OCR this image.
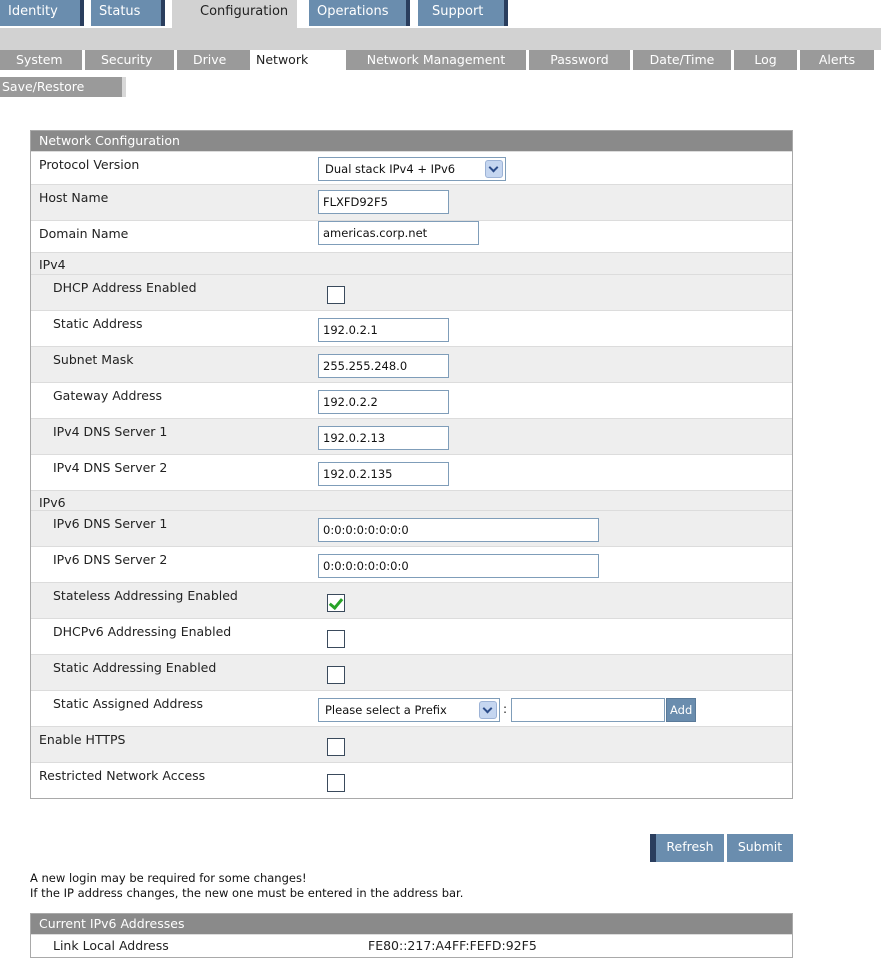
Identity	Status	Configuration	Operations	Support
System	Security	Drive	Network	Network Management	Password	Date/Time	Log	Alerts
Save/Restore
Network Configuration
Protocol Version	Dual stack IPv4 + IPv6
Host Name	FLXFD92F5
Domain Name	americas.corp.net
IPv4
DHCP Address Enabled
Static Address	192.0.2.1
Subnet Mask	255.255.248.0
Gateway Address	192.0.2.2
IPv4 DNS Server 1	192.0.2.13
IPv4 DNS Server 2	192.0.2.135
IPv6
IPv6 DNS Server 1	0:0:0:0:0:0:0:0
IPv6 DNS Server 2	0:0:0:0:0:0:0:0
Stateless Addressing Enabled
DHCPv6 Addressing Enabled
Static Addressing Enabled
Static Assigned Address	Please select a Prefix	:	Add
Enable HTTPS
Restricted Network Access
Refresh	Submit
A new login may be required for some changes!
If the IP address changes, the new one must be entered in the address bar.
Current IPv6 Addresses
Link Local Address	FE80::217:A4FF:FEFD:92F5
